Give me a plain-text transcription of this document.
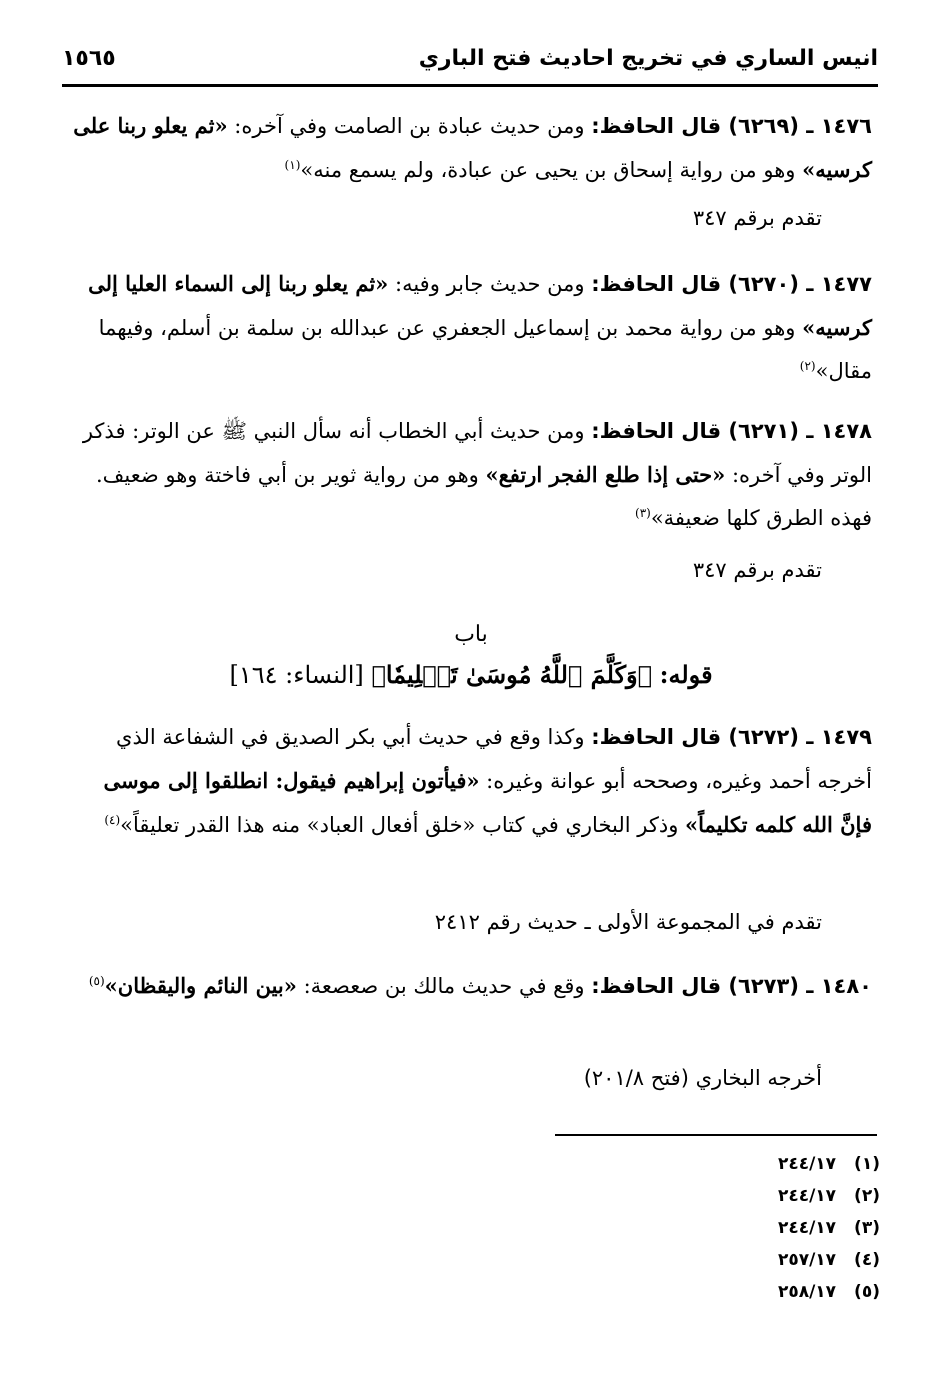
انيس الساري في تخريج احاديث فتح الباري
١٥٦٥
١٤٧٦ ـ (٦٢٦٩) قال الحافظ: ومن حديث عبادة بن الصامت وفي آخره: «ثم يعلو ربنا على كرسيه» وهو من رواية إسحاق بن يحيى عن عبادة، ولم يسمع منه»$^{(١)}$
تقدم برقم ٣٤٧
١٤٧٧ ـ (٦٢٧٠) قال الحافظ: ومن حديث جابر وفيه: «ثم يعلو ربنا إلى السماء العليا إلى كرسيه» وهو من رواية محمد بن إسماعيل الجعفري عن عبدالله بن سلمة بن أسلم، وفيهما مقال»$^{(٢)}$
١٤٧٨ ـ (٦٢٧١) قال الحافظ: ومن حديث أبي الخطاب أنه سأل النبي ﷺ عن الوتر: فذكر الوتر وفي آخره: «حتى إذا طلع الفجر ارتفع» وهو من رواية ثوير بن أبي فاختة وهو ضعيف. فهذه الطرق كلها ضعيفة»$^{(٣)}$
تقدم برقم ٣٤٧
باب
قوله: ﴿وَكَلَّمَ ٱللَّهُ مُوسَىٰ تَكۡلِيمٗا﴾ [النساء: ١٦٤]
١٤٧٩ ـ (٦٢٧٢) قال الحافظ: وكذا وقع في حديث أبي بكر الصديق في الشفاعة الذي أخرجه أحمد وغيره، وصححه أبو عوانة وغيره: «فيأتون إبراهيم فيقول: انطلقوا إلى موسى فإنَّ الله كلمه تكليماً» وذكر البخاري في كتاب «خلق أفعال العباد» منه هذا القدر تعليقاً»$^{(٤)}$
تقدم في المجموعة الأولى ـ حديث رقم ٢٤١٢
١٤٨٠ ـ (٦٢٧٣) قال الحافظ: وقع في حديث مالك بن صعصعة: «بين النائم واليقظان»$^{(٥)}$
أخرجه البخاري (فتح ٢٠١/٨)
(١)
٢٤٤/١٧
(٢)
٢٤٤/١٧
(٣)
٢٤٤/١٧
(٤)
٢٥٧/١٧
(٥)
٢٥٨/١٧
